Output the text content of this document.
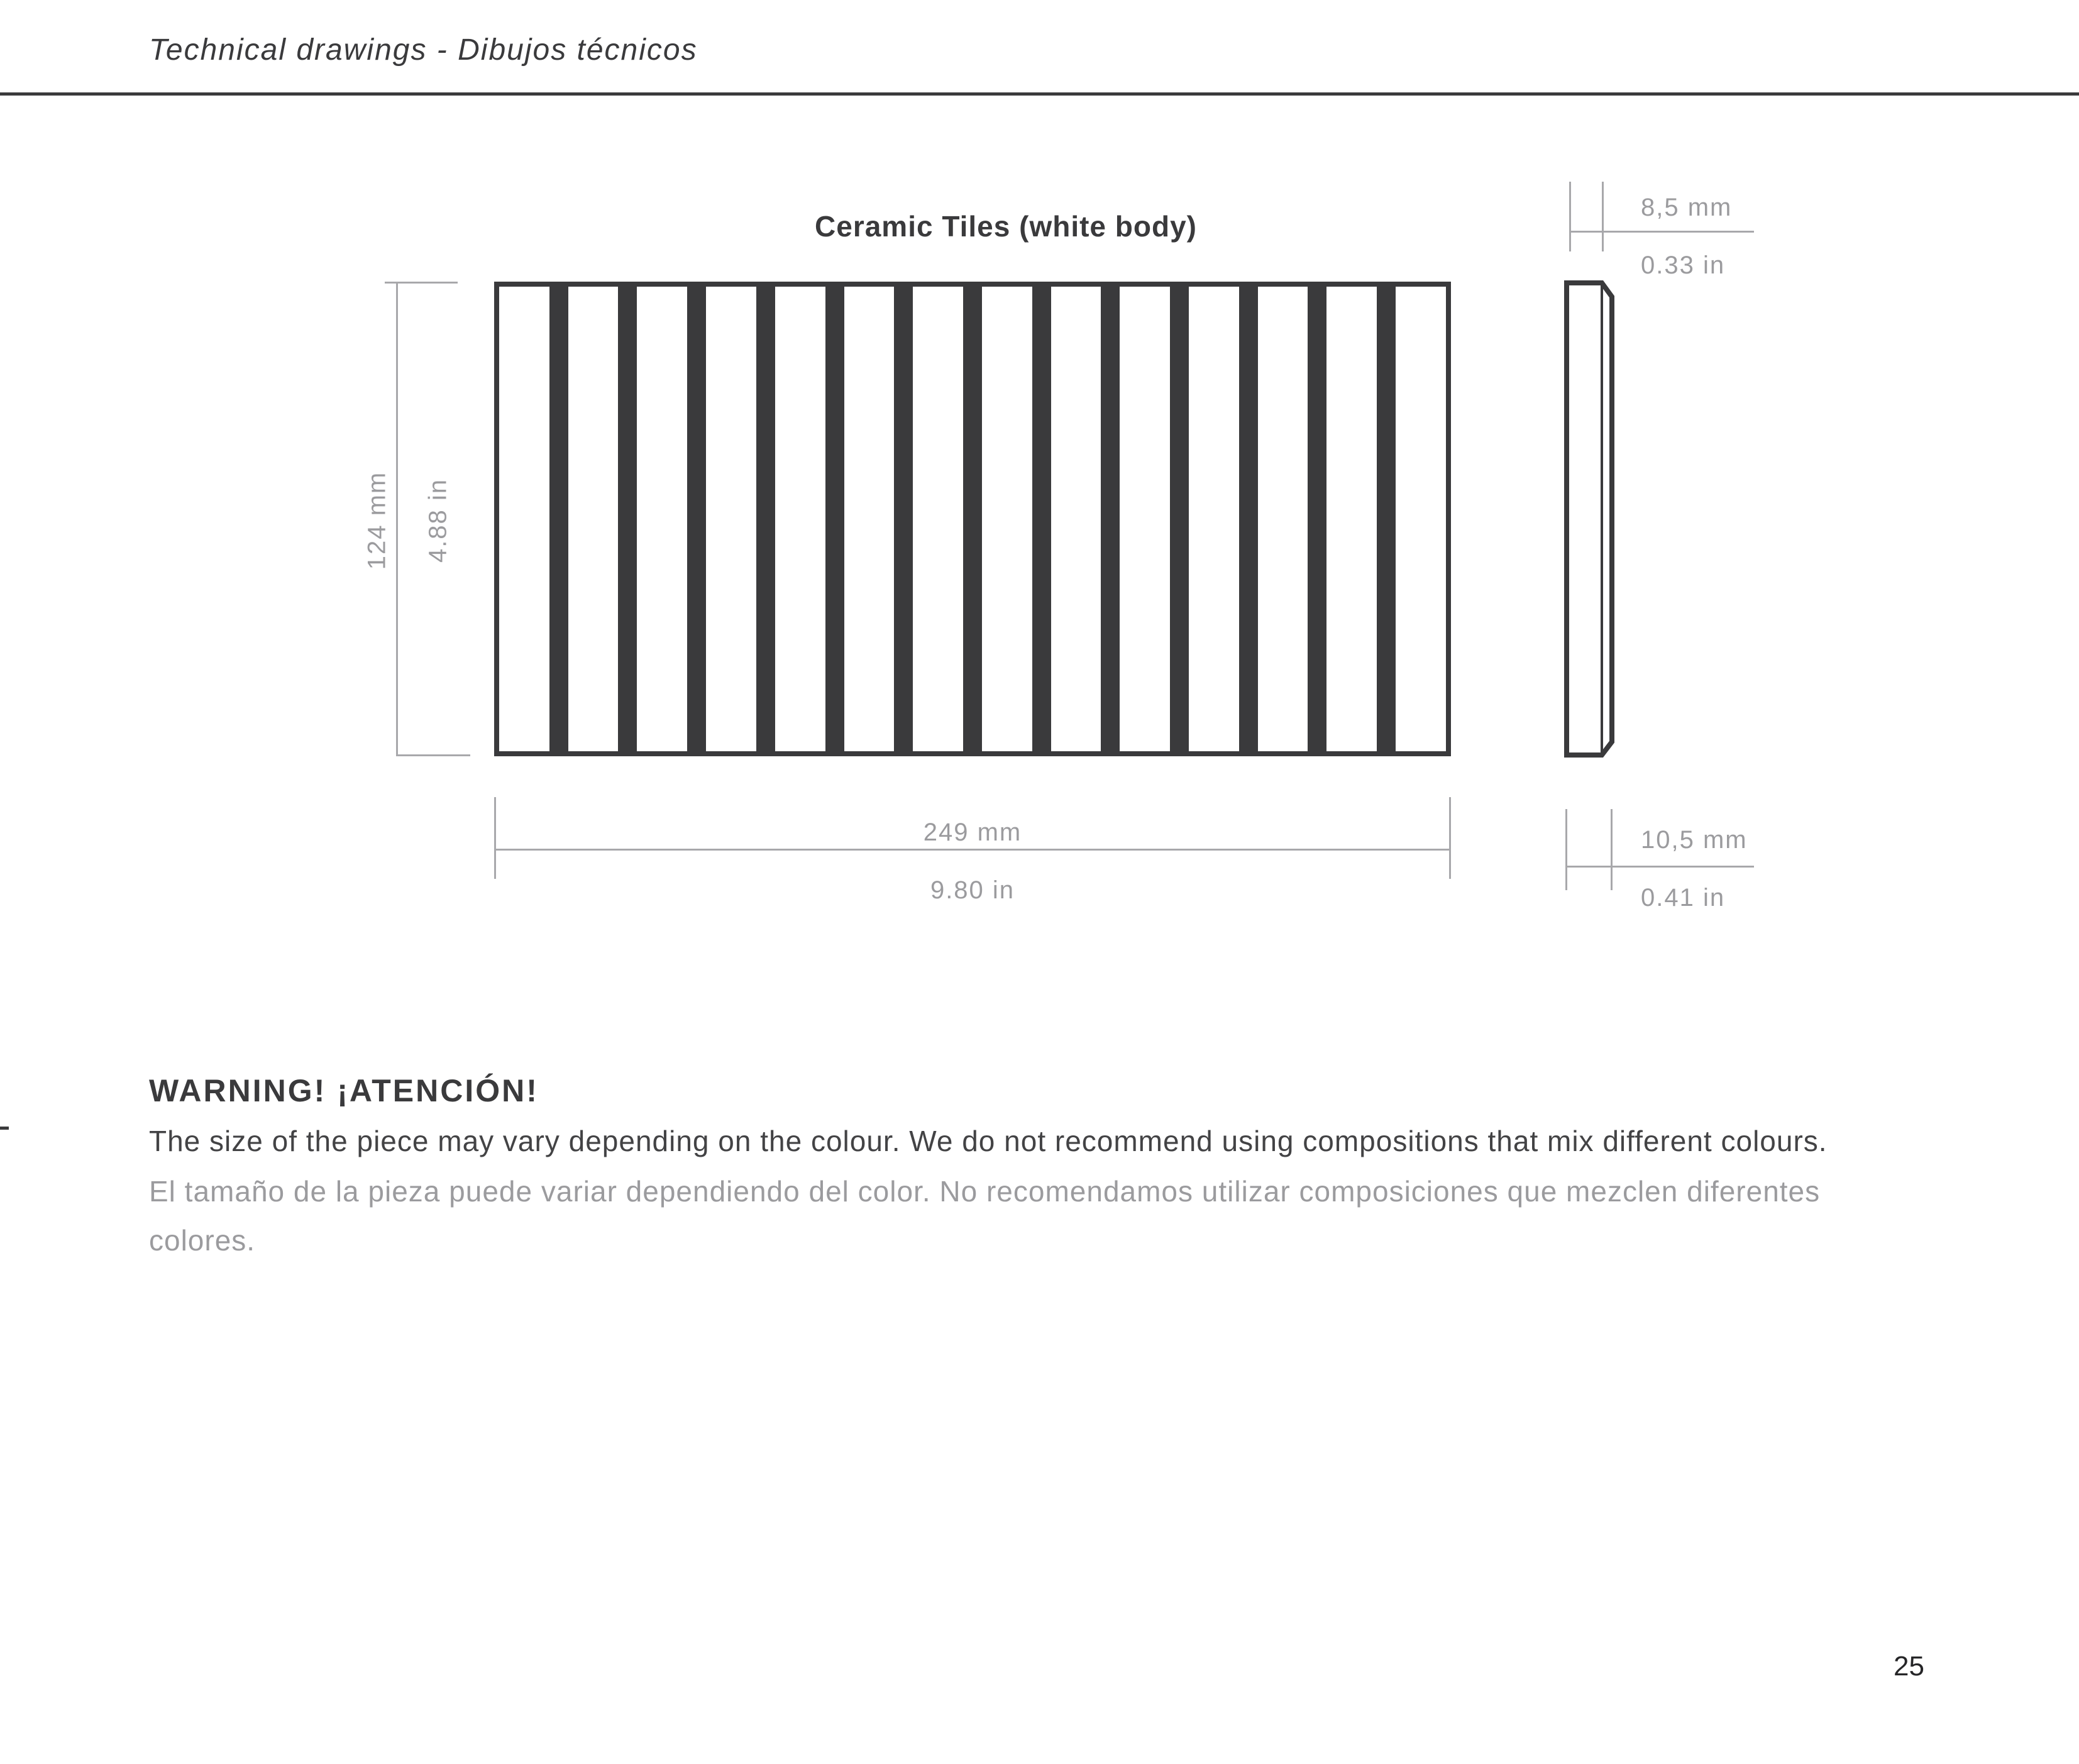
Technical drawings - Dibujos técnicos
Ceramic Tiles (white body)
124 mm 4.88 in
249 mm
9.80 in
8,5 mm
0.33 in
10,5 mm
0.41 in
WARNING! ¡ATENCIÓN!
The size of the piece may vary depending on the colour. We do not recommend using compositions that mix different colours.
El tamaño de la pieza puede variar dependiendo del color. No recomendamos utilizar composiciones que mezclen diferentes
colores.
25
